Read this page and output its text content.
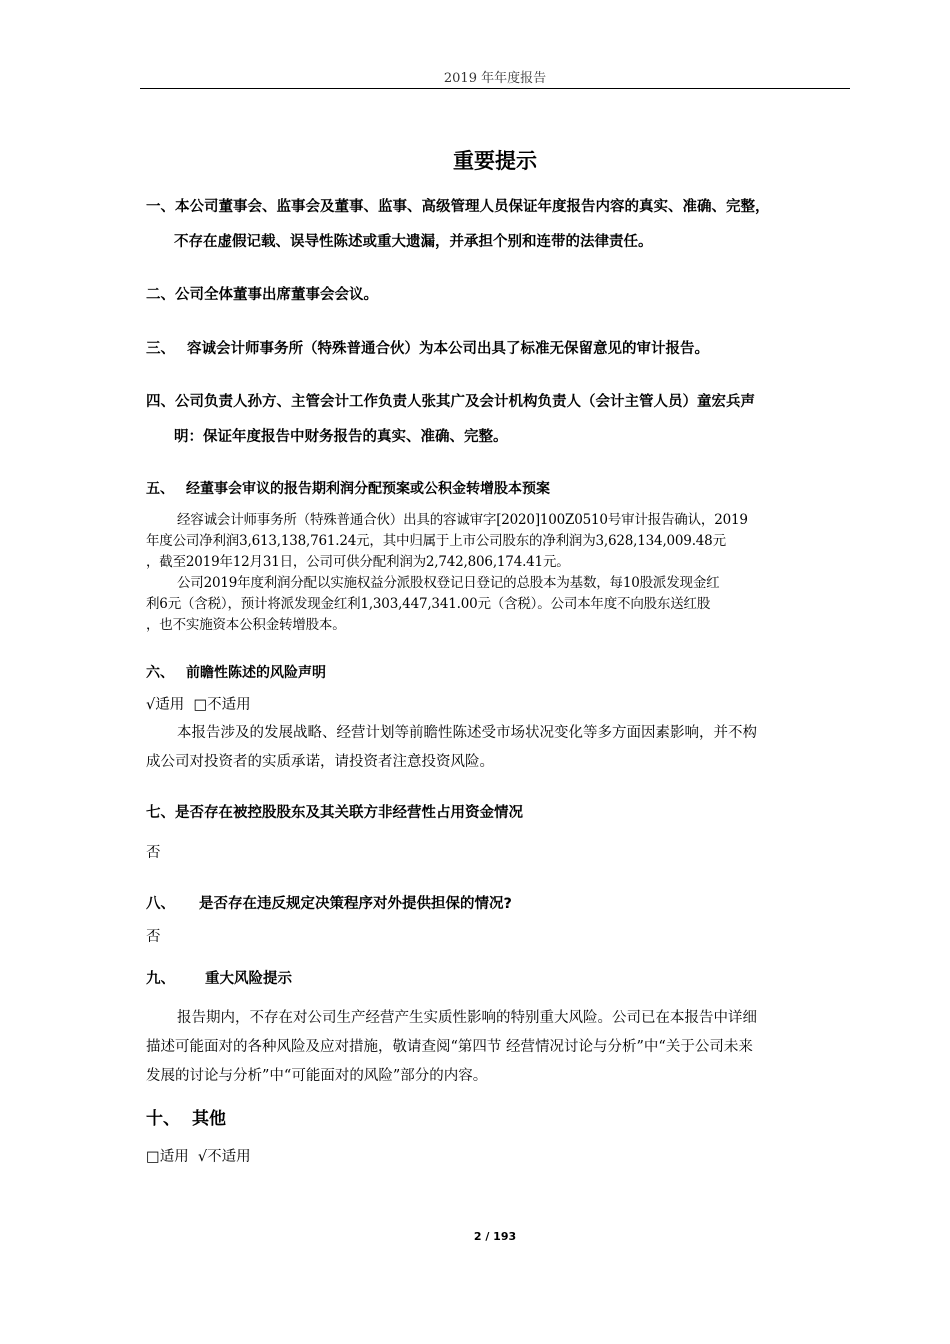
2019 年年度报告
重要提示
一、本公司董事会、监事会及董事、监事、高级管理人员保证年度报告内容的真实、准确、完整，
不存在虚假记载、误导性陈述或重大遗漏，并承担个别和连带的法律责任。
二、公司全体董事出席董事会会议。
三、 容诚会计师事务所（特殊普通合伙）为本公司出具了标准无保留意见的审计报告。
四、公司负责人孙方、主管会计工作负责人张其广及会计机构负责人（会计主管人员）童宏兵声
明：保证年度报告中财务报告的真实、准确、完整。
五、 经董事会审议的报告期利润分配预案或公积金转增股本预案

经容诚会计师事务所（特殊普通合伙）出具的容诚审字[2020]100Z0510号审计报告确认，2019

年度公司净利润3,613,138,761.24元，其中归属于上市公司股东的净利润为3,628,134,009.48元
，截至2019年12月31日，公司可供分配利润为2,742,806,174.41元。

公司2019年度利润分配以实施权益分派股权登记日登记的总股本为基数，每10股派发现金红

利6元（含税），预计将派发现金红利1,303,447,341.00元（含税）。公司本年度不向股东送红股
，也不实施资本公积金转增股本。
六、 前瞻性陈述的风险声明
√适用  □不适用

本报告涉及的发展战略、经营计划等前瞻性陈述受市场状况变化等多方面因素影响，并不构

成公司对投资者的实质承诺，请投资者注意投资风险。
七、是否存在被控股股东及其关联方非经营性占用资金情况
否
八、 是否存在违反规定决策程序对外提供担保的情况?
否
九、 重大风险提示

报告期内，不存在对公司生产经营产生实质性影响的特别重大风险。公司已在本报告中详细

描述可能面对的各种风险及应对措施，敬请查阅“第四节 经营情况讨论与分析”中“关于公司未来
发展的讨论与分析”中“可能面对的风险”部分的内容。
十、 其他
□适用  √不适用
2 / 193
